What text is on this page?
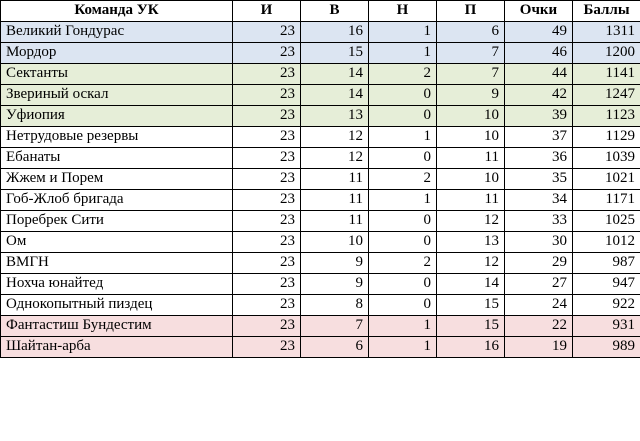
Команда УК	И	В	Н	П	Очки	Баллы
Великий Гондурас	23	16	1	6	49	1311
Мордор	23	15	1	7	46	1200
Сектанты	23	14	2	7	44	1141
Звериный оскал	23	14	0	9	42	1247
Уфиопия	23	13	0	10	39	1123
Нетрудовые резервы	23	12	1	10	37	1129
Ебанаты	23	12	0	11	36	1039
Жжем и Порем	23	11	2	10	35	1021
Гоб-Жлоб бригада	23	11	1	11	34	1171
Поребрек Сити	23	11	0	12	33	1025
Ом	23	10	0	13	30	1012
ВМГН	23	9	2	12	29	987
Нохча юнайтед	23	9	0	14	27	947
Однокопытный пиздец	23	8	0	15	24	922
Фантастиш Бундестим	23	7	1	15	22	931
Шайтан-арба	23	6	1	16	19	989
